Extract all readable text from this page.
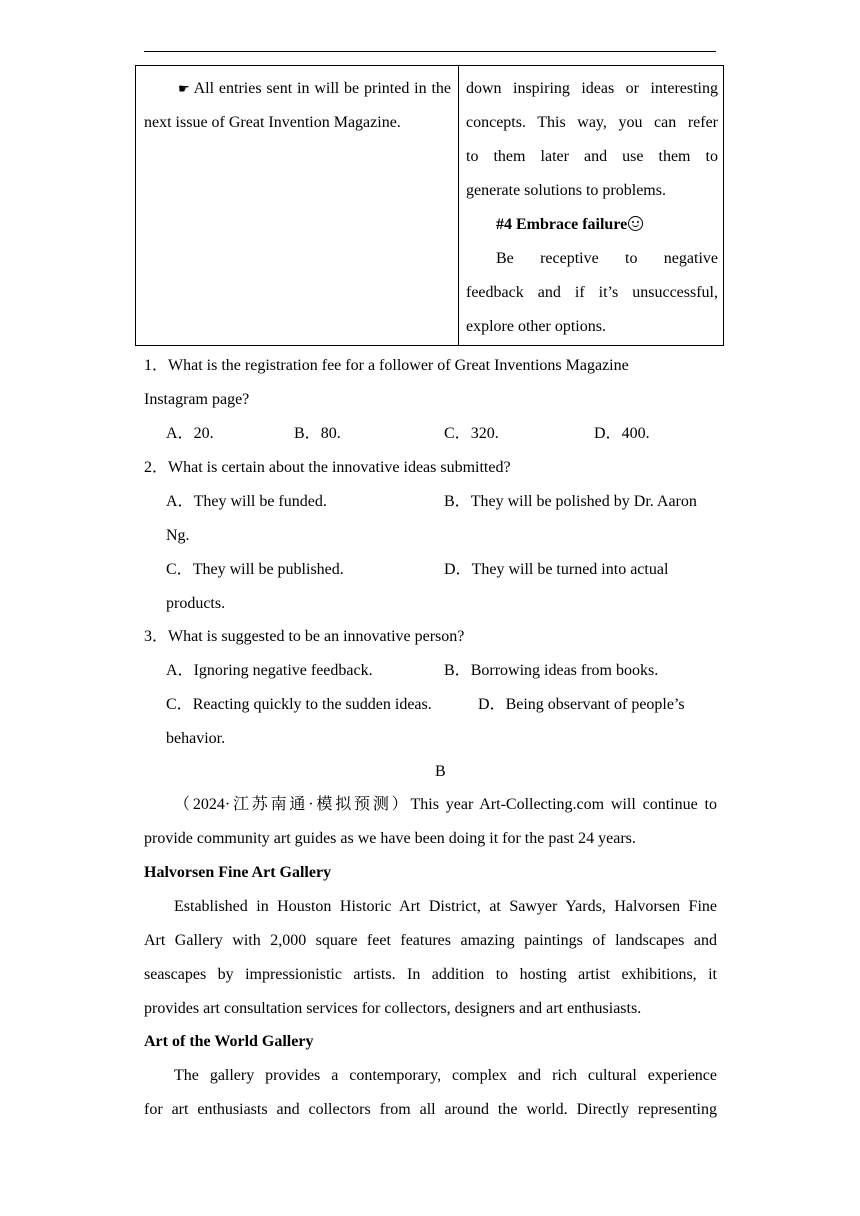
☛ All entries sent in will be printed in the next issue of Great Invention Magazine.
down inspiring ideas or interesting
concepts. This way, you can refer
to them later and use them to
generate solutions to problems.
#4 Embrace failure
Be receptive to negative
feedback and if it’s unsuccessful,
explore other options.
1．What is the registration fee for a follower of Great Inventions Magazine
Instagram page?
A．20.	B．80.	C．320.	D．400.
2．What is certain about the innovative ideas submitted?
A．They will be funded.	B．They will be polished by Dr. Aaron
Ng.
C．They will be published.	D．They will be turned into actual
products.
3．What is suggested to be an innovative person?
A．Ignoring negative feedback.	B．Borrowing ideas from books.
C．Reacting quickly to the sudden ideas.	D．Being observant of people’s
behavior.
B
（2024·江苏南通·模拟预测）This year Art-Collecting.com will continue to
provide community art guides as we have been doing it for the past 24 years.
Halvorsen Fine Art Gallery
Established in Houston Historic Art District, at Sawyer Yards, Halvorsen Fine
Art Gallery with 2,000 square feet features amazing paintings of landscapes and
seascapes by impressionistic artists. In addition to hosting artist exhibitions, it
provides art consultation services for collectors, designers and art enthusiasts.
Art of the World Gallery
The gallery provides a contemporary, complex and rich cultural experience
for art enthusiasts and collectors from all around the world. Directly representing
